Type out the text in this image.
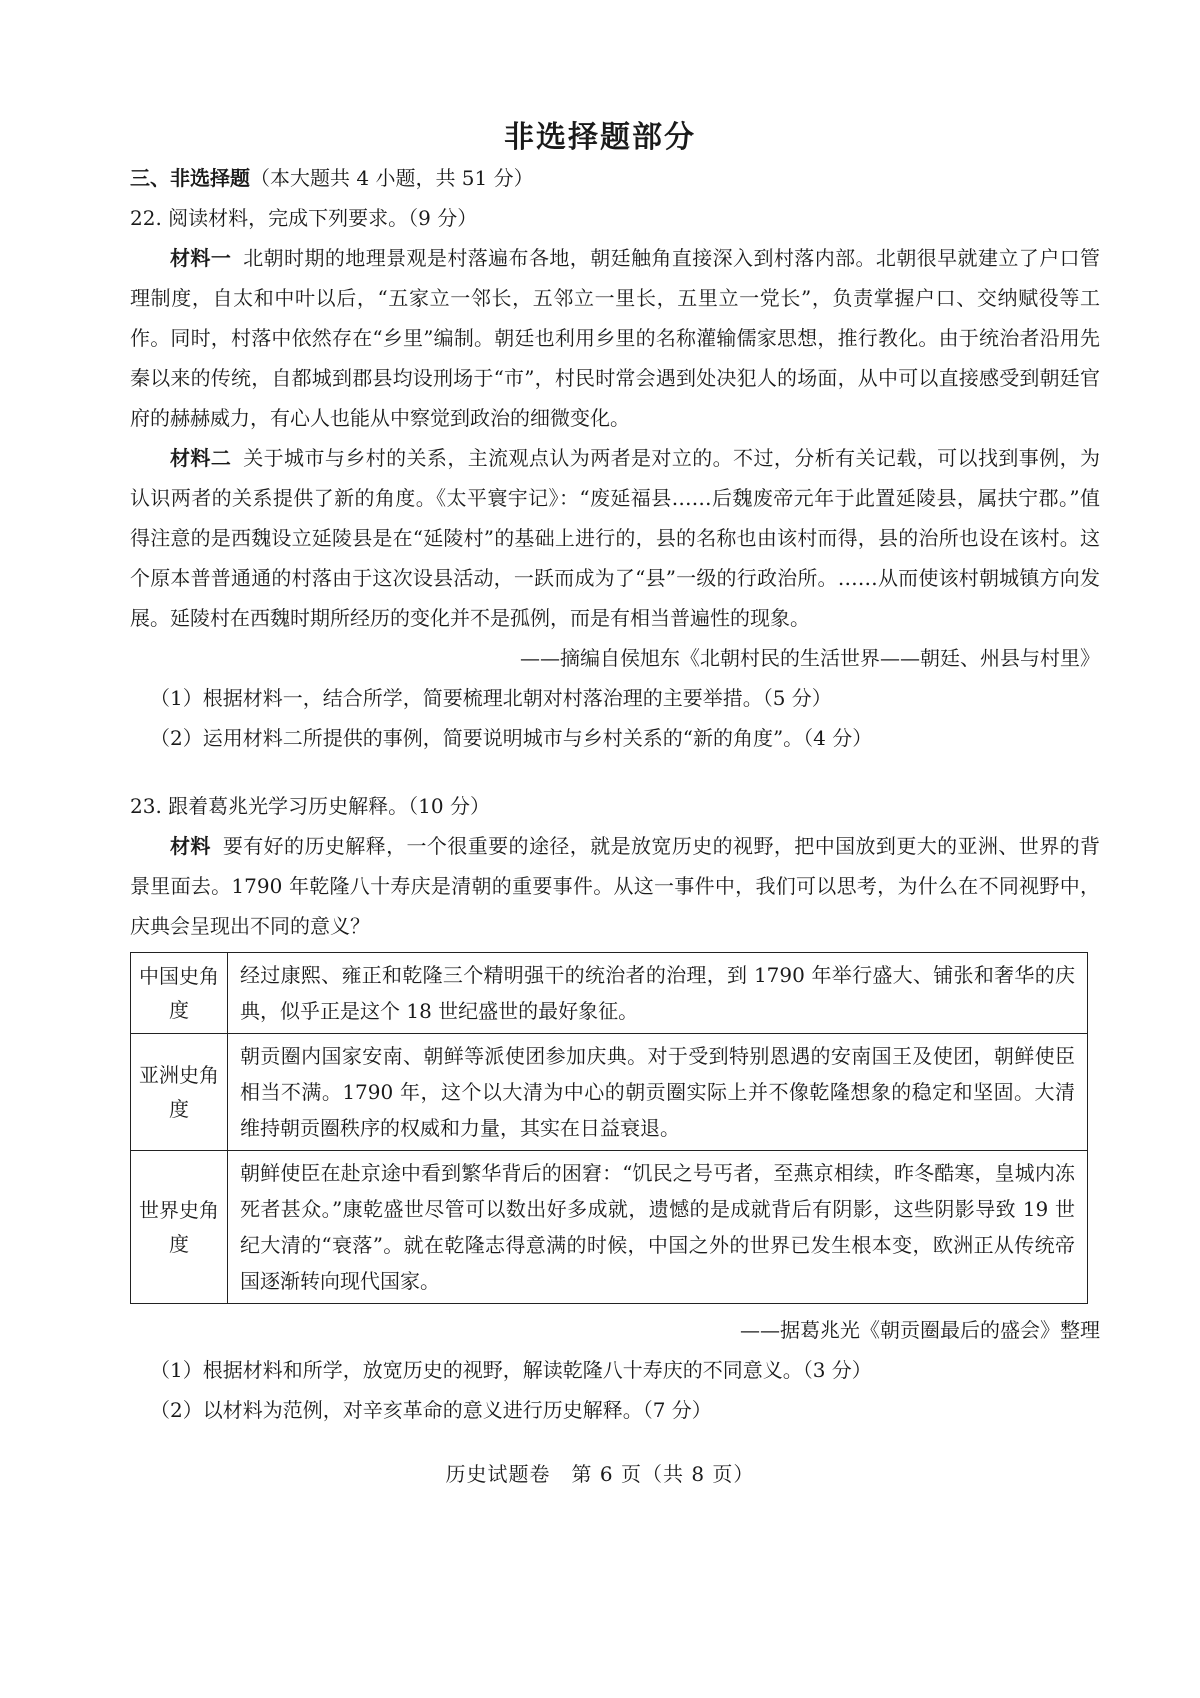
非选择题部分

三、非选择题（本大题共 4 小题，共 51 分）

22. 阅读材料，完成下列要求。（9 分）

材料一 北朝时期的地理景观是村落遍布各地，朝廷触角直接深入到村落内部。北朝很早就建立了户口管理制度，自太和中叶以后，“五家立一邻长，五邻立一里长，五里立一党长”，负责掌握户口、交纳赋役等工作。同时，村落中依然存在“乡里”编制。朝廷也利用乡里的名称灌输儒家思想，推行教化。由于统治者沿用先秦以来的传统，自都城到郡县均设刑场于“市”，村民时常会遇到处决犯人的场面，从中可以直接感受到朝廷官府的赫赫威力，有心人也能从中察觉到政治的细微变化。

材料二 关于城市与乡村的关系，主流观点认为两者是对立的。不过，分析有关记载，可以找到事例，为认识两者的关系提供了新的角度。《太平寰宇记》：“废延福县……后魏废帝元年于此置延陵县，属扶宁郡。”值得注意的是西魏设立延陵县是在“延陵村”的基础上进行的，县的名称也由该村而得，县的治所也设在该村。这个原本普普通通的村落由于这次设县活动，一跃而成为了“县”一级的行政治所。……从而使该村朝城镇方向发展。延陵村在西魏时期所经历的变化并不是孤例，而是有相当普遍性的现象。

——摘编自侯旭东《北朝村民的生活世界——朝廷、州县与村里》

（1）根据材料一，结合所学，简要梳理北朝对村落治理的主要举措。（5 分）

（2）运用材料二所提供的事例，简要说明城市与乡村关系的“新的角度”。（4 分）

23. 跟着葛兆光学习历史解释。（10 分）

材料 要有好的历史解释，一个很重要的途径，就是放宽历史的视野，把中国放到更大的亚洲、世界的背景里面去。1790 年乾隆八十寿庆是清朝的重要事件。从这一事件中，我们可以思考，为什么在不同视野中，庆典会呈现出不同的意义？

中国史角度	经过康熙、雍正和乾隆三个精明强干的统治者的治理，到 1790 年举行盛大、铺张和奢华的庆典，似乎正是这个 18 世纪盛世的最好象征。
亚洲史角度	朝贡圈内国家安南、朝鲜等派使团参加庆典。对于受到特别恩遇的安南国王及使团，朝鲜使臣相当不满。1790 年，这个以大清为中心的朝贡圈实际上并不像乾隆想象的稳定和坚固。大清维持朝贡圈秩序的权威和力量，其实在日益衰退。
世界史角度	朝鲜使臣在赴京途中看到繁华背后的困窘：“饥民之号丐者，至燕京相续，昨冬酷寒，皇城内冻死者甚众。”康乾盛世尽管可以数出好多成就，遗憾的是成就背后有阴影，这些阴影导致 19 世纪大清的“衰落”。就在乾隆志得意满的时候，中国之外的世界已发生根本变，欧洲正从传统帝国逐渐转向现代国家。

——据葛兆光《朝贡圈最后的盛会》整理

（1）根据材料和所学，放宽历史的视野，解读乾隆八十寿庆的不同意义。（3 分）

（2）以材料为范例，对辛亥革命的意义进行历史解释。（7 分）

历史试题卷　第 6 页（共 8 页）
